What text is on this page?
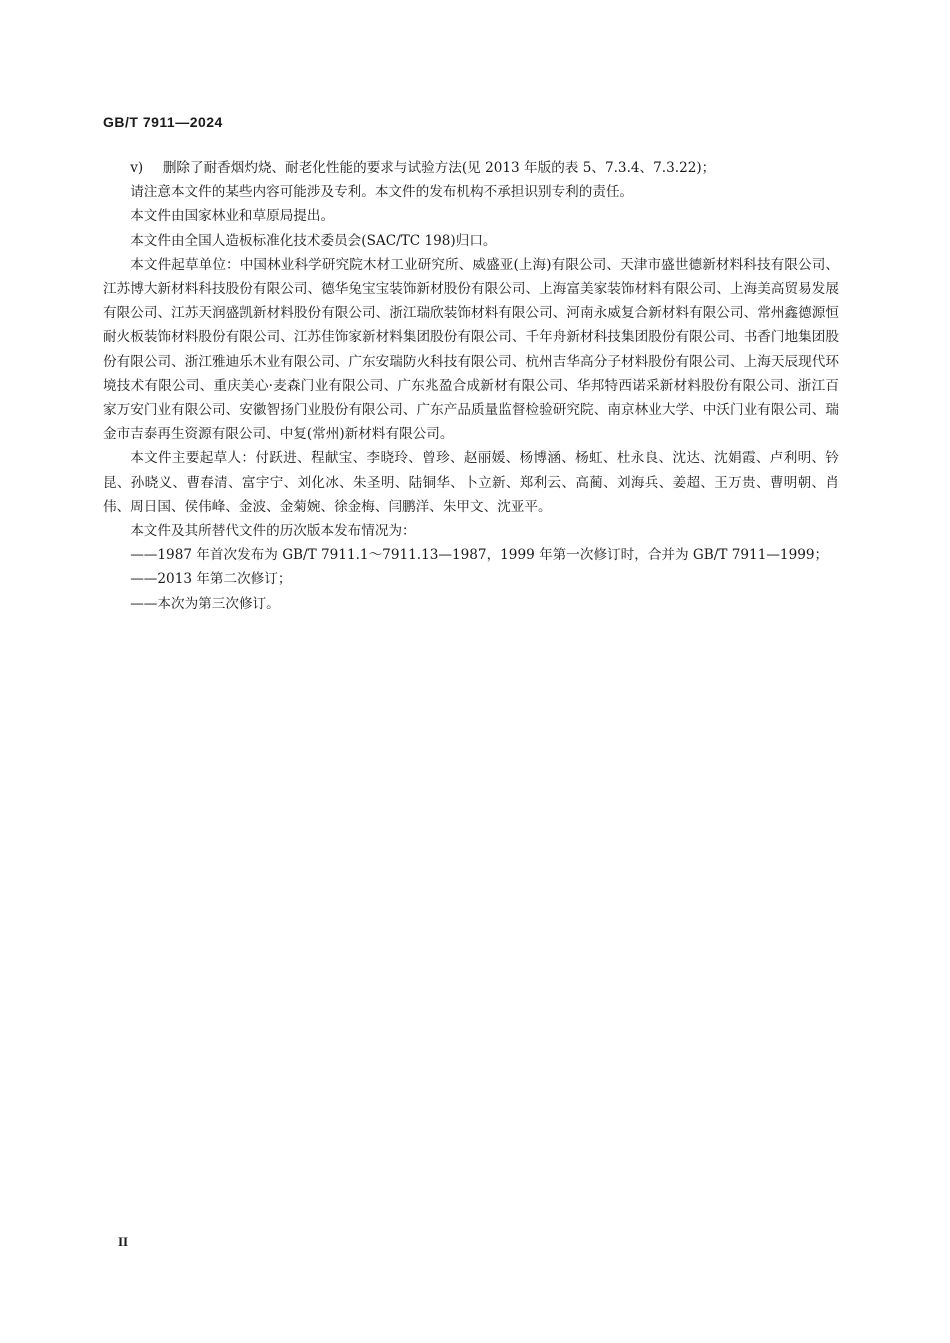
GB/T 7911—2024

v) 删除了耐香烟灼烧、耐老化性能的要求与试验方法(见 2013 年版的表 5、7.3.4、7.3.22)；

请注意本文件的某些内容可能涉及专利。本文件的发布机构不承担识别专利的责任。

本文件由国家林业和草原局提出。

本文件由全国人造板标准化技术委员会(SAC/TC 198)归口。

本文件起草单位：中国林业科学研究院木材工业研究所、威盛亚(上海)有限公司、天津市盛世德新材料科技有限公司、江苏博大新材料科技股份有限公司、德华兔宝宝装饰新材股份有限公司、上海富美家装饰材料有限公司、上海美高贸易发展有限公司、江苏天润盛凯新材料股份有限公司、浙江瑞欣装饰材料有限公司、河南永威复合新材料有限公司、常州鑫德源恒耐火板装饰材料股份有限公司、江苏佳饰家新材料集团股份有限公司、千年舟新材科技集团股份有限公司、书香门地集团股份有限公司、浙江雅迪乐木业有限公司、广东安瑞防火科技有限公司、杭州吉华高分子材料股份有限公司、上海天辰现代环境技术有限公司、重庆美心·麦森门业有限公司、广东兆盈合成新材有限公司、华邦特西诺采新材料股份有限公司、浙江百家万安门业有限公司、安徽智扬门业股份有限公司、广东产品质量监督检验研究院、南京林业大学、中沃门业有限公司、瑞金市吉泰再生资源有限公司、中复(常州)新材料有限公司。

本文件主要起草人：付跃进、程献宝、李晓玲、曾珍、赵丽媛、杨博涵、杨虹、杜永良、沈达、沈娟霞、卢利明、钤昆、孙晓义、曹春清、富宇宁、刘化冰、朱圣明、陆铜华、卜立新、郑利云、高蔺、刘海兵、姜超、王万贵、曹明朝、肖伟、周日国、侯伟峰、金波、金菊婉、徐金梅、闫鹏洋、朱甲文、沈亚平。

本文件及其所替代文件的历次版本发布情况为：

——1987 年首次发布为 GB/T 7911.1～7911.13—1987，1999 年第一次修订时，合并为 GB/T 7911—1999；

——2013 年第二次修订；

——本次为第三次修订。

II
